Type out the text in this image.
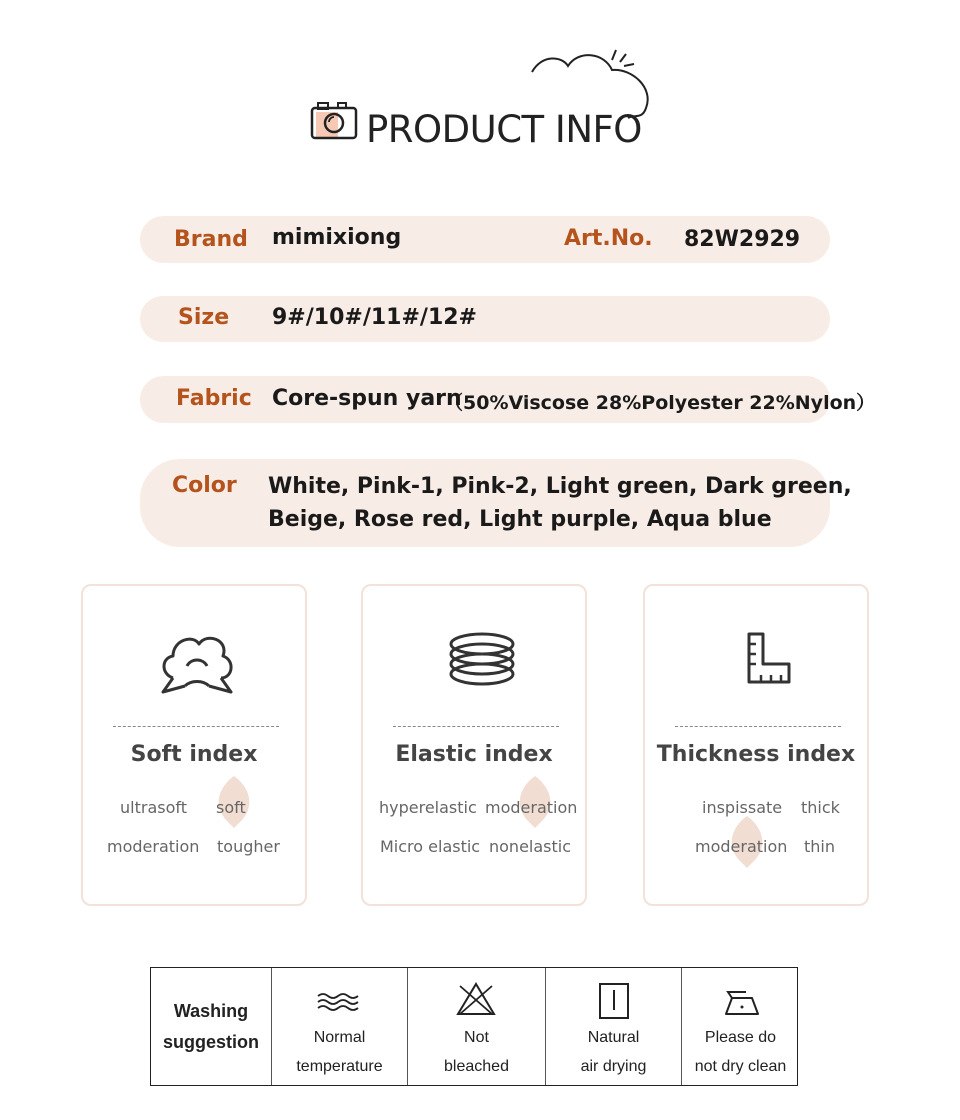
PRODUCT INFO
Brand mimixiong	Art.No. 82W2929
Size 9#/10#/11#/12#
Fabric Core-spun yarn
（50%Viscose 28%Polyester 22%Nylon）
Color White, Pink-1, Pink-2, Light green, Dark green,
Beige, Rose red, Light purple, Aqua blue
Soft index
ultrasoft soft
moderation tougher
Elastic index
hyperelastic moderation
Micro elastic nonelastic
Thickness index
inspissate thick
moderation thin
Washing
suggestion	Normal
temperature
Not
bleached
Natural
air drying
Please do
not dry clean
